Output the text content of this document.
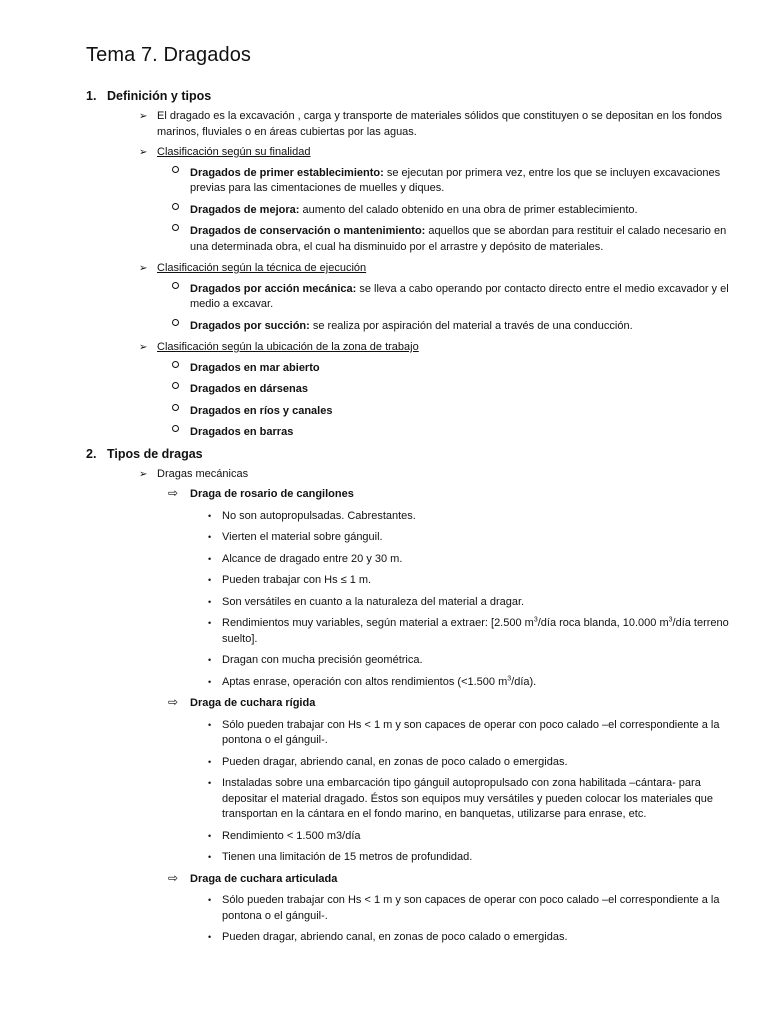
Tema 7. Dragados
1. Definición y tipos
➢ El dragado es la excavación , carga y transporte de materiales sólidos que constituyen o se depositan en los fondos marinos, fluviales o en áreas cubiertas por las aguas.
➢ Clasificación según su finalidad
Dragados de primer establecimiento: se ejecutan por primera vez, entre los que se incluyen excavaciones previas para las cimentaciones de muelles y diques.
Dragados de mejora: aumento del calado obtenido en una obra de primer establecimiento.
Dragados de conservación o mantenimiento: aquellos que se abordan para restituir el calado necesario en una determinada obra, el cual ha disminuido por el arrastre y depósito de materiales.
➢ Clasificación según la técnica de ejecución
Dragados por acción mecánica: se lleva a cabo operando por contacto directo entre el medio excavador y el medio a excavar.
Dragados por succión: se realiza por aspiración del material a través de una conducción.
➢ Clasificación según la ubicación de la zona de trabajo
Dragados en mar abierto
Dragados en dársenas
Dragados en ríos y canales
Dragados en barras
2. Tipos de dragas
➢ Dragas mecánicas
⇨ Draga de rosario de cangilones
• No son autopropulsadas. Cabrestantes.
• Vierten el material sobre gánguil.
• Alcance de dragado entre 20 y 30 m.
• Pueden trabajar con Hs ≤ 1 m.
• Son versátiles en cuanto a la naturaleza del material a dragar.
• Rendimientos muy variables, según material a extraer: [2.500 $m^3$/día roca blanda, 10.000 $m^3$/día terreno suelto].
• Dragan con mucha precisión geométrica.
• Aptas enrase, operación con altos rendimientos (<1.500 $m^3/día$).
⇨ Draga de cuchara rígida
• Sólo pueden trabajar con Hs < 1 m y son capaces de operar con poco calado –el correspondiente a la pontona o el gánguil-.
• Pueden dragar, abriendo canal, en zonas de poco calado o emergidas.
• Instaladas sobre una embarcación tipo gánguil autopropulsado con zona habilitada –cántara- para depositar el material dragado. Éstos son equipos muy versátiles y pueden colocar los materiales que transportan en la cántara en el fondo marino, en banquetas, utilizarse para enrase, etc.
• Rendimiento < 1.500 m3/día
• Tienen una limitación de 15 metros de profundidad.
⇨ Draga de cuchara articulada
• Sólo pueden trabajar con Hs < 1 m y son capaces de operar con poco calado –el correspondiente a la pontona o el gánguil-.
• Pueden dragar, abriendo canal, en zonas de poco calado o emergidas.
